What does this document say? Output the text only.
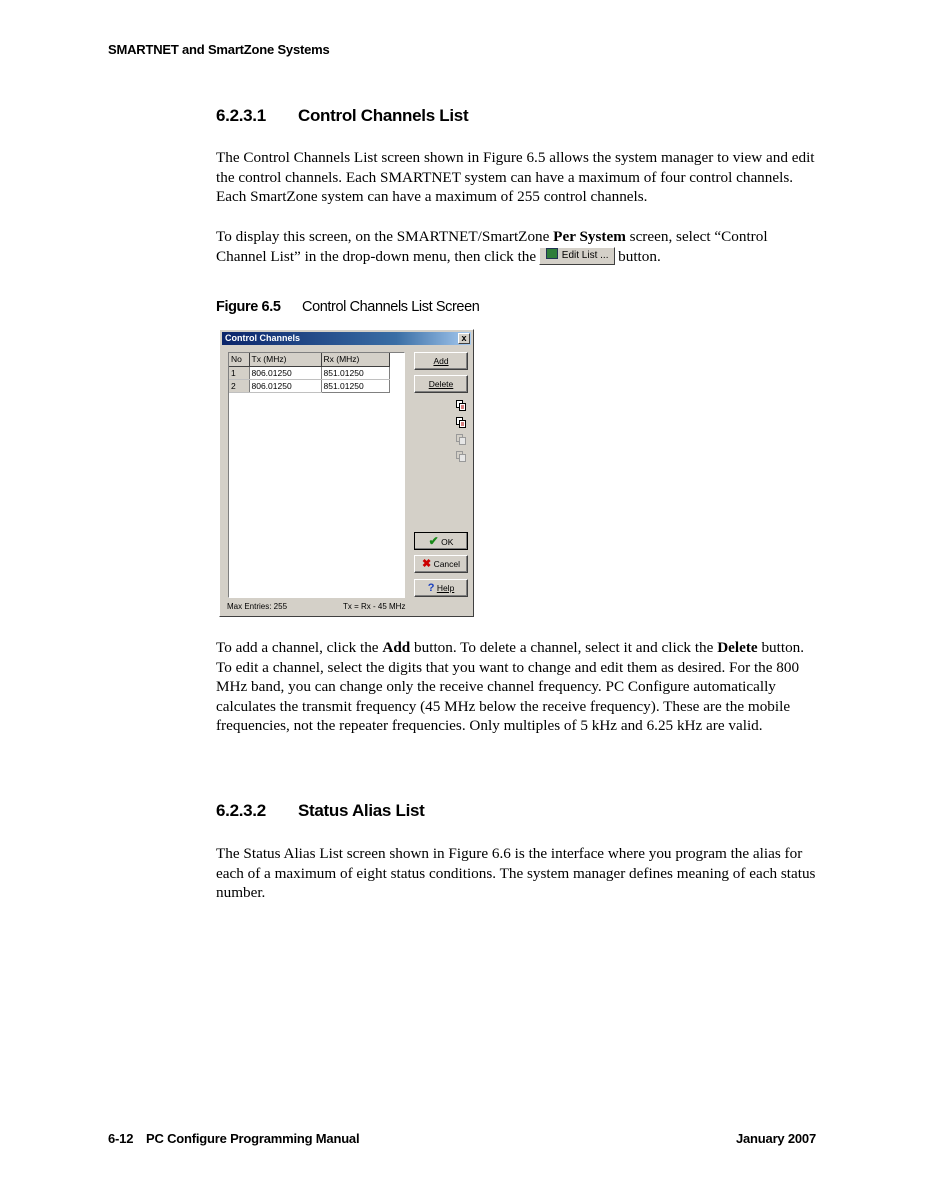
SMARTNET and SmartZone Systems
6.2.3.1 Control Channels List

The Control Channels List screen shown in Figure 6.5 allows the system manager to view and edit the control channels. Each SMARTNET system can have a maximum of four control channels. Each SmartZone system can have a maximum of 255 control channels.

To display this screen, on the SMARTNET/SmartZone Per System screen, select “Control Channel List” in the drop-down menu, then click the	Edit List ... button.

Figure 6.5 Control Channels List Screen
Control Channels	x
No	Tx (MHz)	Rx (MHz)
1	806.01250	851.01250
2	806.01250	851.01250
Add
Delete
✔ OK
✖ Cancel
? Help
Max Entries: 255	Tx = Rx - 45 MHz

To add a channel, click the Add button. To delete a channel, select it and click the Delete button. To edit a channel, select the digits that you want to change and edit them as desired. For the 800 MHz band, you can change only the receive channel frequency. PC Configure automatically calculates the transmit frequency (45 MHz below the receive frequency). These are the mobile frequencies, not the repeater frequencies. Only multiples of 5 kHz and 6.25 kHz are valid.

6.2.3.2 Status Alias List

The Status Alias List screen shown in Figure 6.6 is the interface where you program the alias for each of a maximum of eight status conditions. The system manager defines meaning of each status number.

6-12 PC Configure Programming Manual	January 2007
